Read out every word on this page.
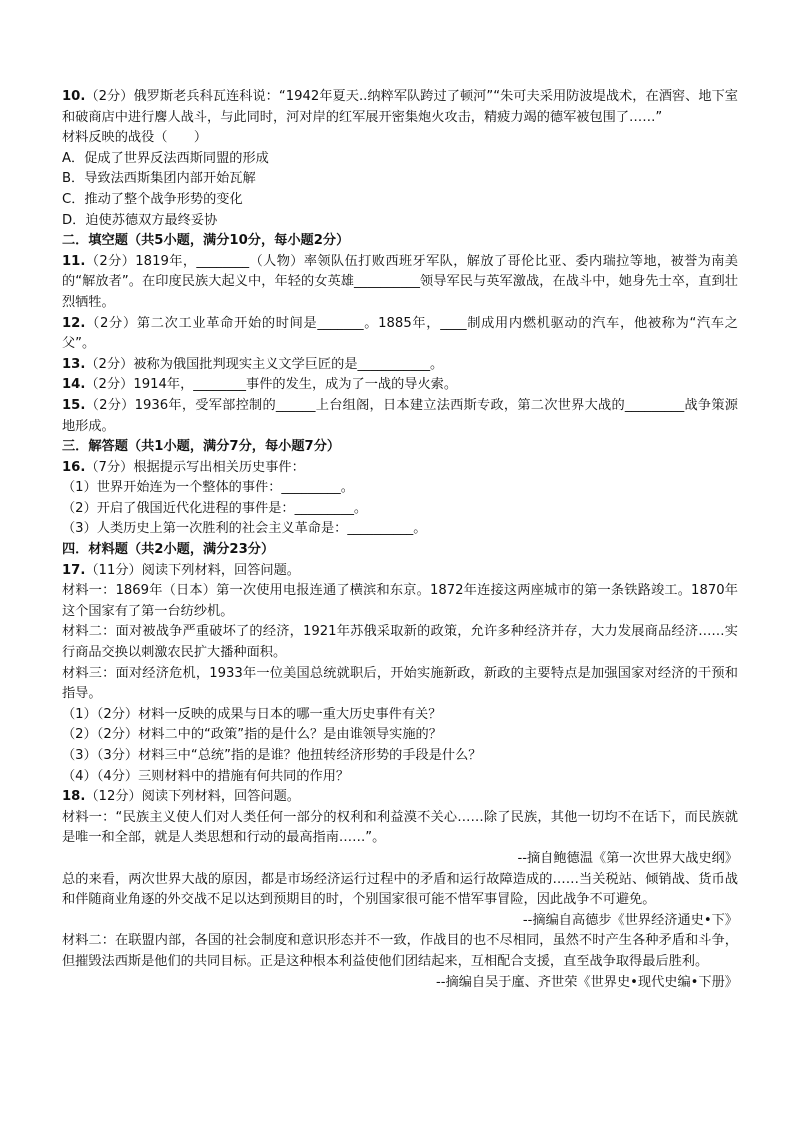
10.（2分）俄罗斯老兵科瓦连科说：“1942年夏天..纳粹军队跨过了顿河”“朱可夫采用防波堤战术，在酒窖、地下室和破商店中进行麐人战斗，与此同时，河对岸的红军展开密集炮火攻击，精疲力竭的德军被包围了……”
材料反映的战役（　　）
A．促成了世界反法西斯同盟的形成
B．导致法西斯集团内部开始瓦解
C．推动了整个战争形势的变化
D．迫使苏德双方最终妥协
二．填空题（共5小题，满分10分，每小题2分）
11.（2分）1819年，________（人物）率领队伍打败西班牙军队，解放了哥伦比亚、委内瑞拉等地，被誉为南美的“解放者”。在印度民族大起义中，年轻的女英雄__________领导军民与英军激战，在战斗中，她身先士卒，直到壮烈牺牲。
12.（2分）第二次工业革命开始的时间是_______。1885年，____制成用内燃机驱动的汽车，他被称为“汽车之父”。
13.（2分）被称为俄国批判现实主义文学巨匠的是___________。
14.（2分）1914年，________事件的发生，成为了一战的导火索。
15.（2分）1936年，受军部控制的______上台组阁，日本建立法西斯专政，第二次世界大战的_________战争策源地形成。
三．解答题（共1小题，满分7分，每小题7分）
16.（7分）根据提示写出相关历史事件：
（1）世界开始连为一个整体的事件：_________。
（2）开启了俄国近代化进程的事件是：_________。
（3）人类历史上第一次胜利的社会主义革命是：__________。
四．材料题（共2小题，满分23分）
17.（11分）阅读下列材料，回答问题。
材料一：1869年（日本）第一次使用电报连通了横滨和东京。1872年连接这两座城市的第一条铁路竣工。1870年这个国家有了第一台纺纱机。
材料二：面对被战争严重破坏了的经济，1921年苏俄采取新的政策，允许多种经济并存，大力发展商品经济……实行商品交换以刺激农民扩大播种面积。
材料三：面对经济危机，1933年一位美国总统就职后，开始实施新政，新政的主要特点是加强国家对经济的干预和指导。
（1）（2分）材料一反映的成果与日本的哪一重大历史事件有关？
（2）（2分）材料二中的“政策”指的是什么？是由谁领导实施的？
（3）（3分）材料三中“总统”指的是谁？他扭转经济形势的手段是什么？
（4）（4分）三则材料中的措施有何共同的作用？
18.（12分）阅读下列材料，回答问题。
材料一：“民族主义使人们对人类任何一部分的权利和利益漠不关心……除了民族，其他一切均不在话下，而民族就是唯一和全部，就是人类思想和行动的最高指南……”。
--摘自鲍德温《第一次世界大战史纲》
总的来看，两次世界大战的原因，都是市场经济运行过程中的矛盾和运行故障造成的……当关税站、倾销战、货币战和伴随商业角逐的外交战不足以达到预期目的时，个别国家很可能不惜军事冒险，因此战争不可避免。
--摘编自高德步《世界经济通史•下》
材料二：在联盟内部，各国的社会制度和意识形态并不一致，作战目的也不尽相同，虽然不时产生各种矛盾和斗争，但摧毁法西斯是他们的共同目标。正是这种根本利益使他们团结起来，互相配合支援，直至战争取得最后胜利。
--摘编自吴于廑、齐世荣《世界史•现代史编•下册》
